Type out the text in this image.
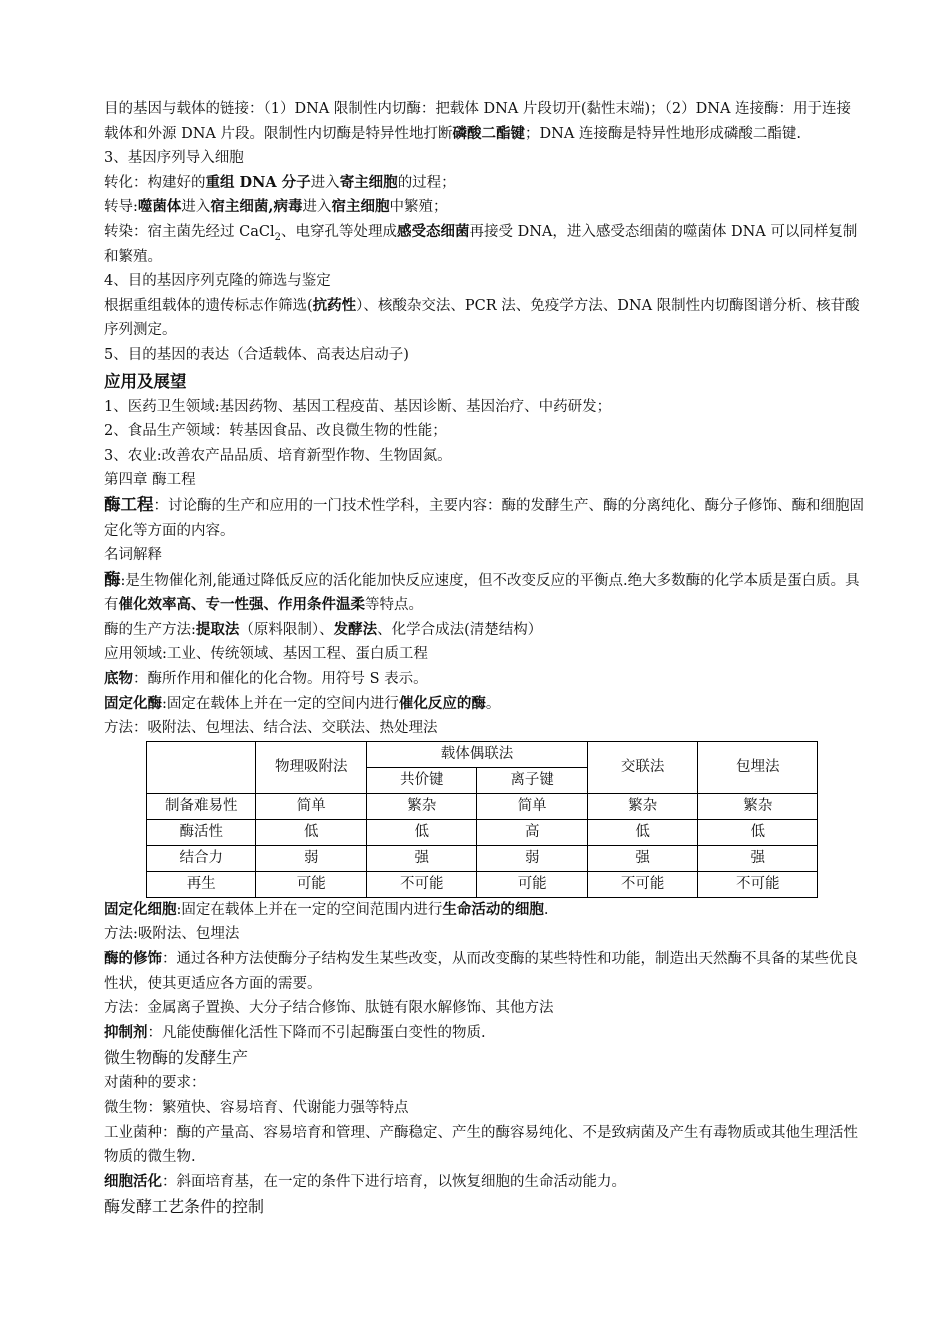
目的基因与载体的链接：（1）DNA 限制性内切酶：把载体 DNA 片段切开(黏性末端)；（2）DNA 连接酶：用于连接载体和外源 DNA 片段。限制性内切酶是特异性地打断磷酸二酯键；DNA 连接酶是特异性地形成磷酸二酯键.

3、基因序列导入细胞

转化：构建好的重组 DNA 分子进入寄主细胞的过程；

转导:噬菌体进入宿主细菌,病毒进入宿主细胞中繁殖；

转染：宿主菌先经过 CaCl$_2$、电穿孔等处理成感受态细菌再接受 DNA，进入感受态细菌的噬菌体 DNA 可以同样复制和繁殖。

4、目的基因序列克隆的筛选与鉴定

根据重组载体的遗传标志作筛选(抗药性）、核酸杂交法、PCR 法、免疫学方法、DNA 限制性内切酶图谱分析、核苷酸序列测定。

5、目的基因的表达（合适载体、高表达启动子)

应用及展望

1、医药卫生领域:基因药物、基因工程疫苗、基因诊断、基因治疗、中药研发；

2、食品生产领域：转基因食品、改良微生物的性能；

3、农业:改善农产品品质、培育新型作物、生物固氮。

第四章 酶工程

酶工程：讨论酶的生产和应用的一门技术性学科，主要内容：酶的发酵生产、酶的分离纯化、酶分子修饰、酶和细胞固定化等方面的内容。

名词解释

酶:是生物催化剂,能通过降低反应的活化能加快反应速度，但不改变反应的平衡点.绝大多数酶的化学本质是蛋白质。具有催化效率高、专一性强、作用条件温柔等特点。

酶的生产方法:提取法（原料限制）、发酵法、化学合成法(清楚结构）

应用领域:工业、传统领域、基因工程、蛋白质工程

底物：酶所作用和催化的化合物。用符号 S 表示。

固定化酶:固定在载体上并在一定的空间内进行催化反应的酶。

方法：吸附法、包埋法、结合法、交联法、热处理法

	物理吸附法	载体偶联法		交联法	包埋法
		共价键	离子键		
制备难易性	简单	繁杂	简单	繁杂	繁杂
酶活性	低	低	高	低	低
结合力	弱	强	弱	强	强
再生	可能	不可能	可能	不可能	不可能

固定化细胞:固定在载体上并在一定的空间范围内进行生命活动的细胞.

方法:吸附法、包埋法

酶的修饰：通过各种方法使酶分子结构发生某些改变，从而改变酶的某些特性和功能，制造出天然酶不具备的某些优良性状，使其更适应各方面的需要。

方法：金属离子置换、大分子结合修饰、肽链有限水解修饰、其他方法

抑制剂：凡能使酶催化活性下降而不引起酶蛋白变性的物质.

微生物酶的发酵生产

对菌种的要求：

微生物：繁殖快、容易培育、代谢能力强等特点

工业菌种：酶的产量高、容易培育和管理、产酶稳定、产生的酶容易纯化、不是致病菌及产生有毒物质或其他生理活性物质的微生物.

细胞活化：斜面培育基，在一定的条件下进行培育，以恢复细胞的生命活动能力。

酶发酵工艺条件的控制
